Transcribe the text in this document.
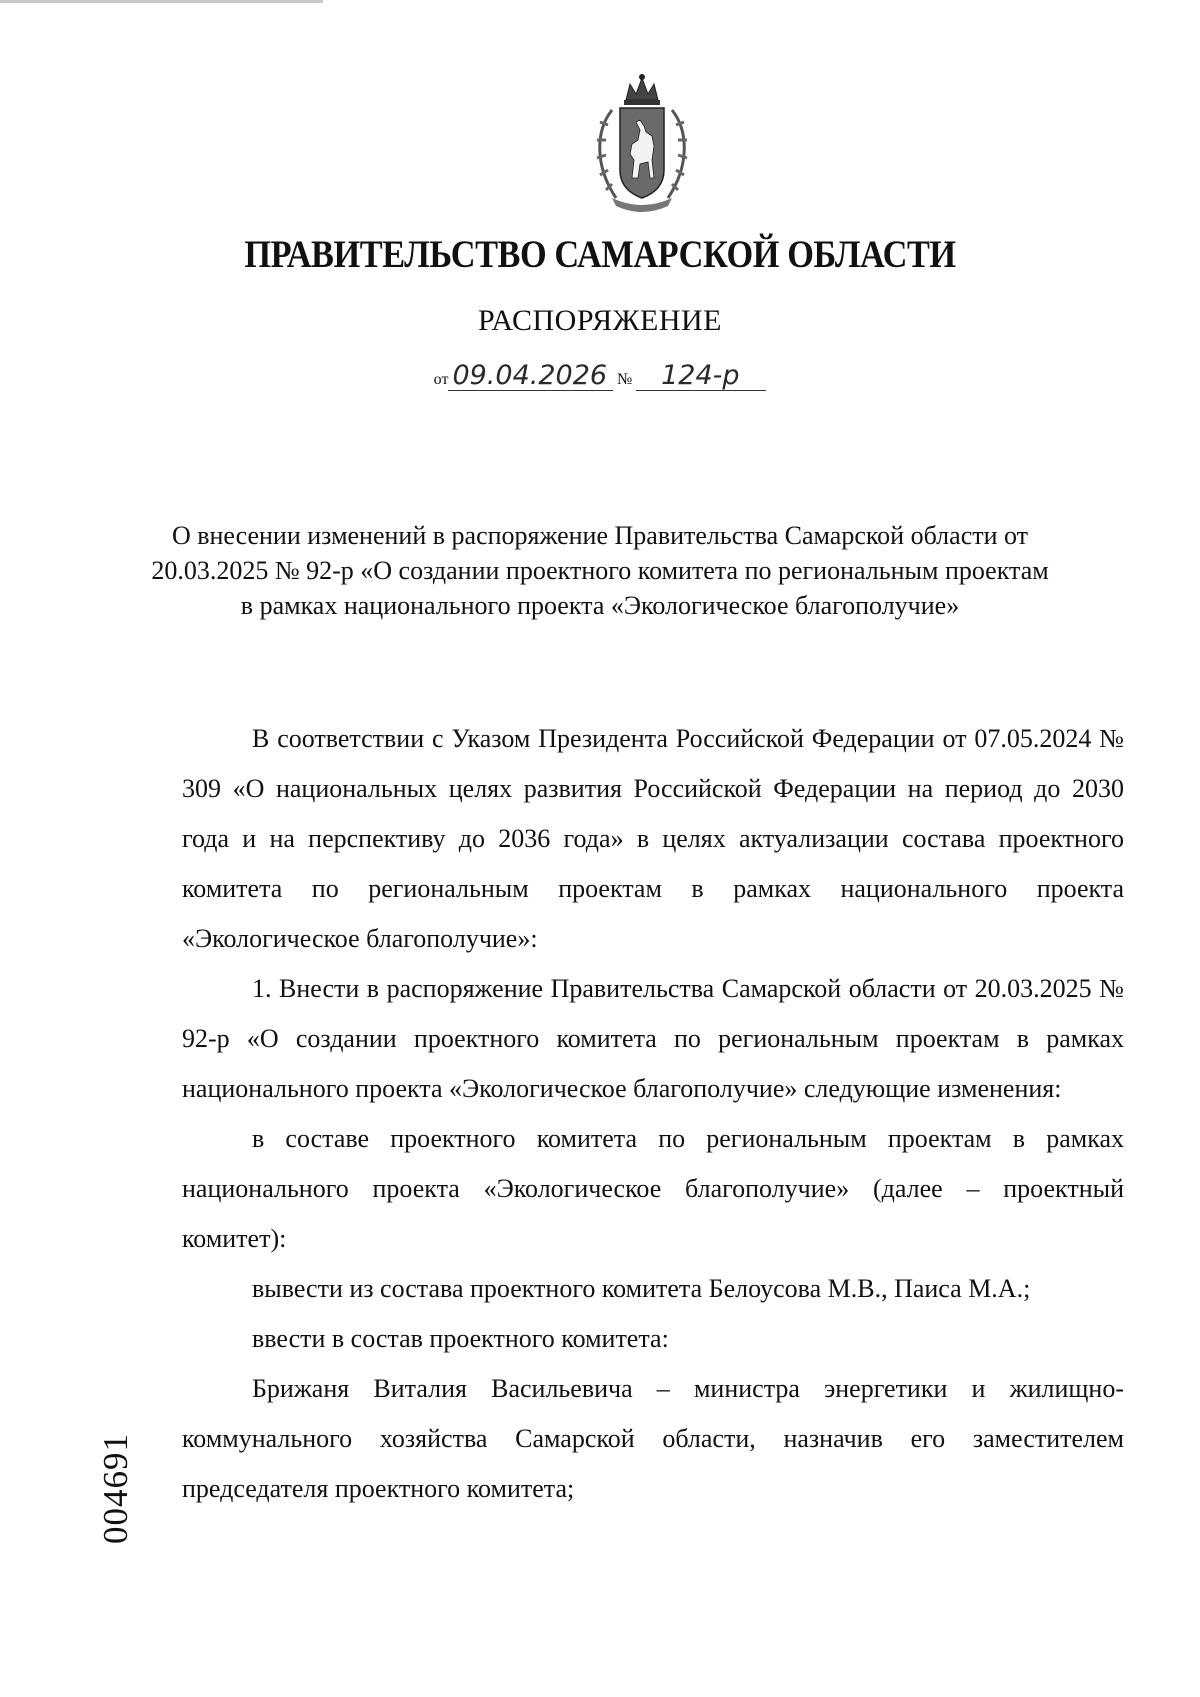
ПРАВИТЕЛЬСТВО САМАРСКОЙ ОБЛАСТИ
РАСПОРЯЖЕНИЕ
от 09.04.2026 № 124-р
О внесении изменений в распоряжение Правительства Самарской области от 20.03.2025 № 92-р «О создании проектного комитета по региональным проектам в рамках национального проекта «Экологическое благополучие»

В соответствии с Указом Президента Российской Федерации от 07.05.2024 № 309 «О национальных целях развития Российской Федерации на период до 2030 года и на перспективу до 2036 года» в целях актуализации состава проектного комитета по региональным проектам в рамках национального проекта «Экологическое благополучие»:

1. Внести в распоряжение Правительства Самарской области от 20.03.2025 № 92-р «О создании проектного комитета по региональным проектам в рамках национального проекта «Экологическое благополучие» следующие изменения:

в составе проектного комитета по региональным проектам в рамках национального проекта «Экологическое благополучие» (далее – проектный комитет):

вывести из состава проектного комитета Белоусова М.В., Паиса М.А.;

ввести в состав проектного комитета:

Брижаня Виталия Васильевича – министра энергетики и жилищно-коммунального хозяйства Самарской области, назначив его заместителем председателя проектного комитета;

004691
